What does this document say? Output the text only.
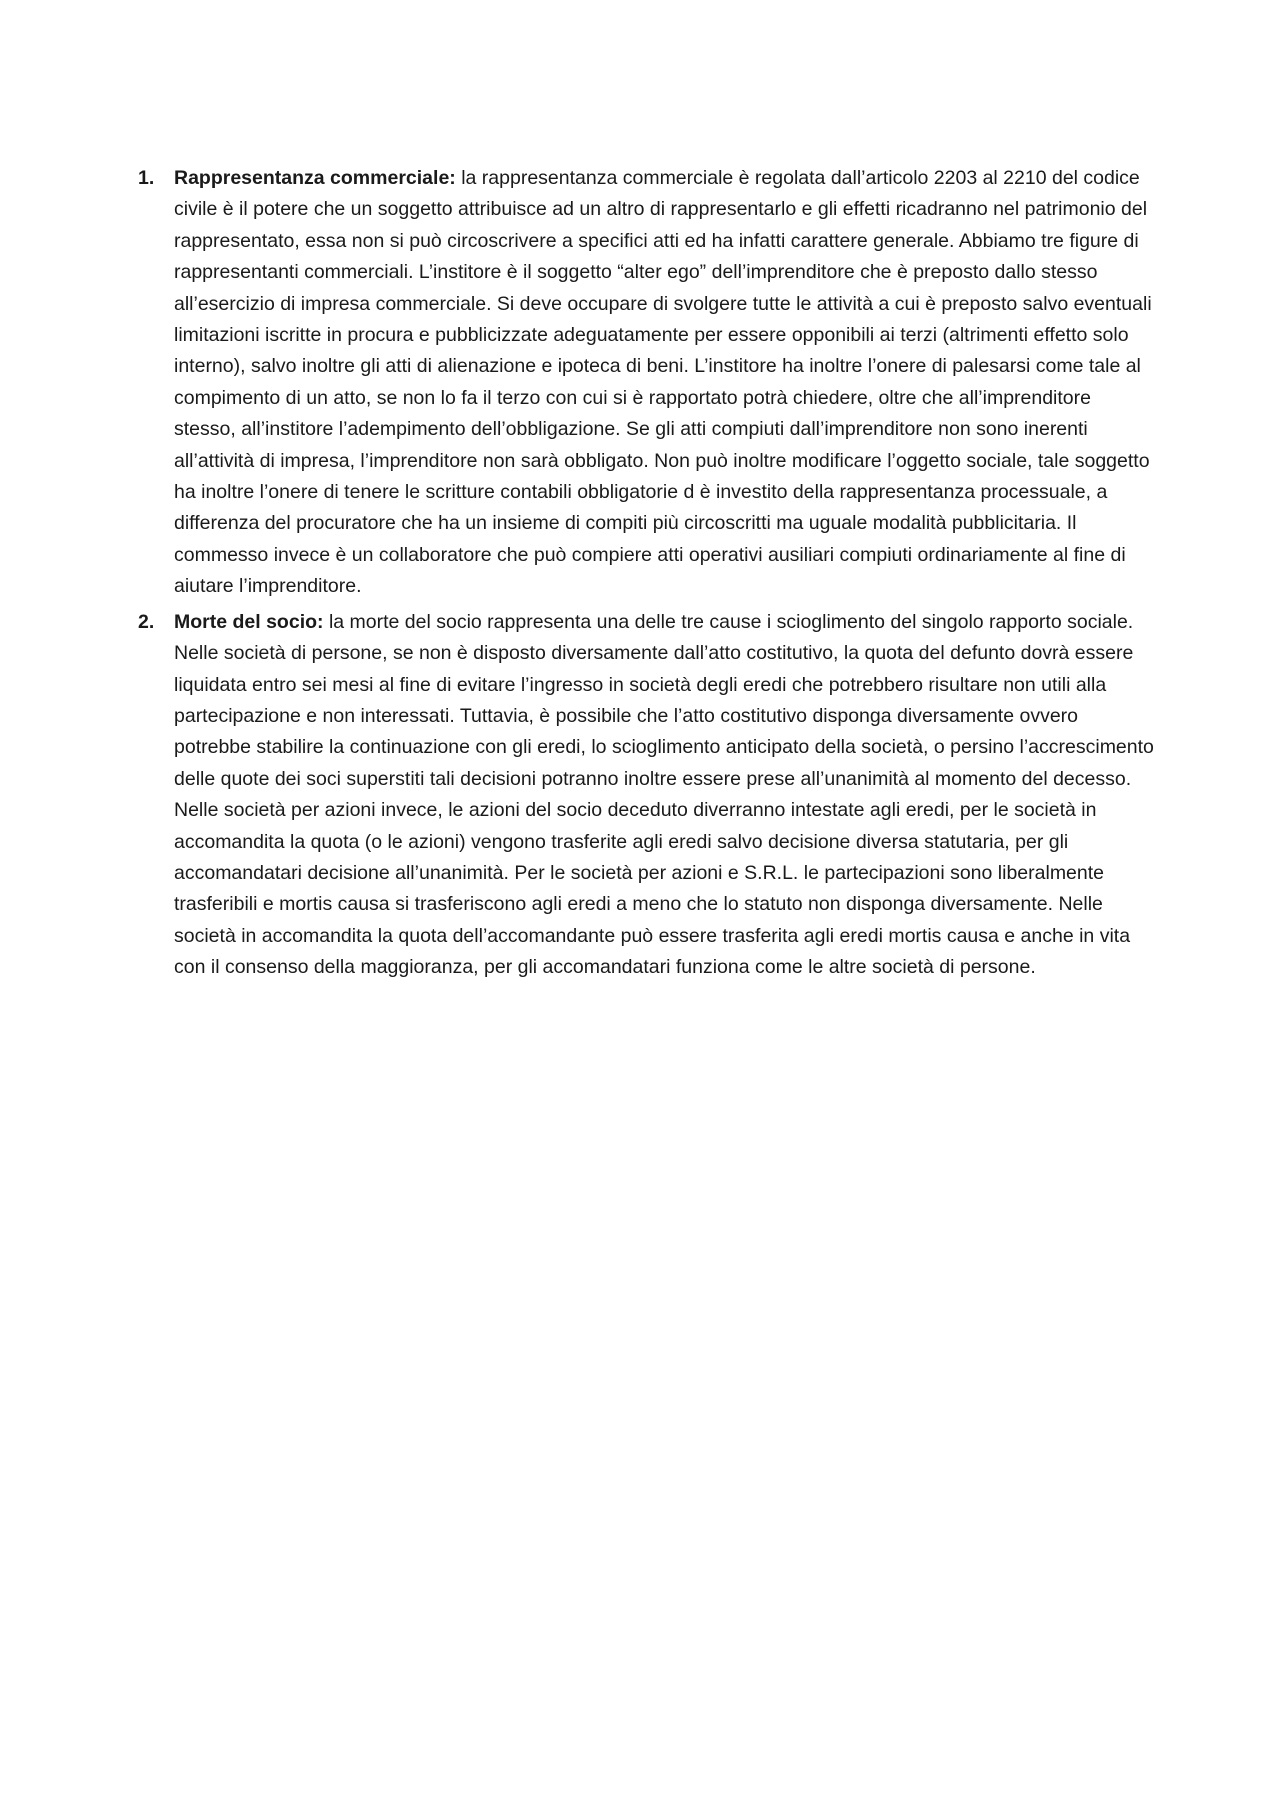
1. Rappresentanza commerciale: la rappresentanza commerciale è regolata dall’articolo 2203 al 2210 del codice civile è il potere che un soggetto attribuisce ad un altro di rappresentarlo e gli effetti ricadranno nel patrimonio del rappresentato, essa non si può circoscrivere a specifici atti ed ha infatti carattere generale. Abbiamo tre figure di rappresentanti commerciali. L’institore è il soggetto “alter ego” dell’imprenditore che è preposto dallo stesso all’esercizio di impresa commerciale. Si deve occupare di svolgere tutte le attività a cui è preposto salvo eventuali limitazioni iscritte in procura e pubblicizzate adeguatamente per essere opponibili ai terzi (altrimenti effetto solo interno), salvo inoltre gli atti di alienazione e ipoteca di beni. L’institore ha inoltre l’onere di palesarsi come tale al compimento di un atto, se non lo fa il terzo con cui si è rapportato potrà chiedere, oltre che all’imprenditore stesso, all’institore l’adempimento dell’obbligazione. Se gli atti compiuti dall’imprenditore non sono inerenti all’attività di impresa, l’imprenditore non sarà obbligato. Non può inoltre modificare l’oggetto sociale, tale soggetto ha inoltre l’onere di tenere le scritture contabili obbligatorie d è investito della rappresentanza processuale, a differenza del procuratore che ha un insieme di compiti più circoscritti ma uguale modalità pubblicitaria. Il commesso invece è un collaboratore che può compiere atti operativi ausiliari compiuti ordinariamente al fine di aiutare l’imprenditore.
2. Morte del socio: la morte del socio rappresenta una delle tre cause i scioglimento del singolo rapporto sociale. Nelle società di persone, se non è disposto diversamente dall’atto costitutivo, la quota del defunto dovrà essere liquidata entro sei mesi al fine di evitare l’ingresso in società degli eredi che potrebbero risultare non utili alla partecipazione e non interessati. Tuttavia, è possibile che l’atto costitutivo disponga diversamente ovvero potrebbe stabilire la continuazione con gli eredi, lo scioglimento anticipato della società, o persino l’accrescimento delle quote dei soci superstiti tali decisioni potranno inoltre essere prese all’unanimità al momento del decesso. Nelle società per azioni invece, le azioni del socio deceduto diverranno intestate agli eredi, per le società in accomandita la quota (o le azioni) vengono trasferite agli eredi salvo decisione diversa statutaria, per gli accomandatari decisione all’unanimità. Per le società per azioni e S.R.L. le partecipazioni sono liberalmente trasferibili e mortis causa si trasferiscono agli eredi a meno che lo statuto non disponga diversamente. Nelle società in accomandita la quota dell’accomandante può essere trasferita agli eredi mortis causa e anche in vita con il consenso della maggioranza, per gli accomandatari funziona come le altre società di persone.
